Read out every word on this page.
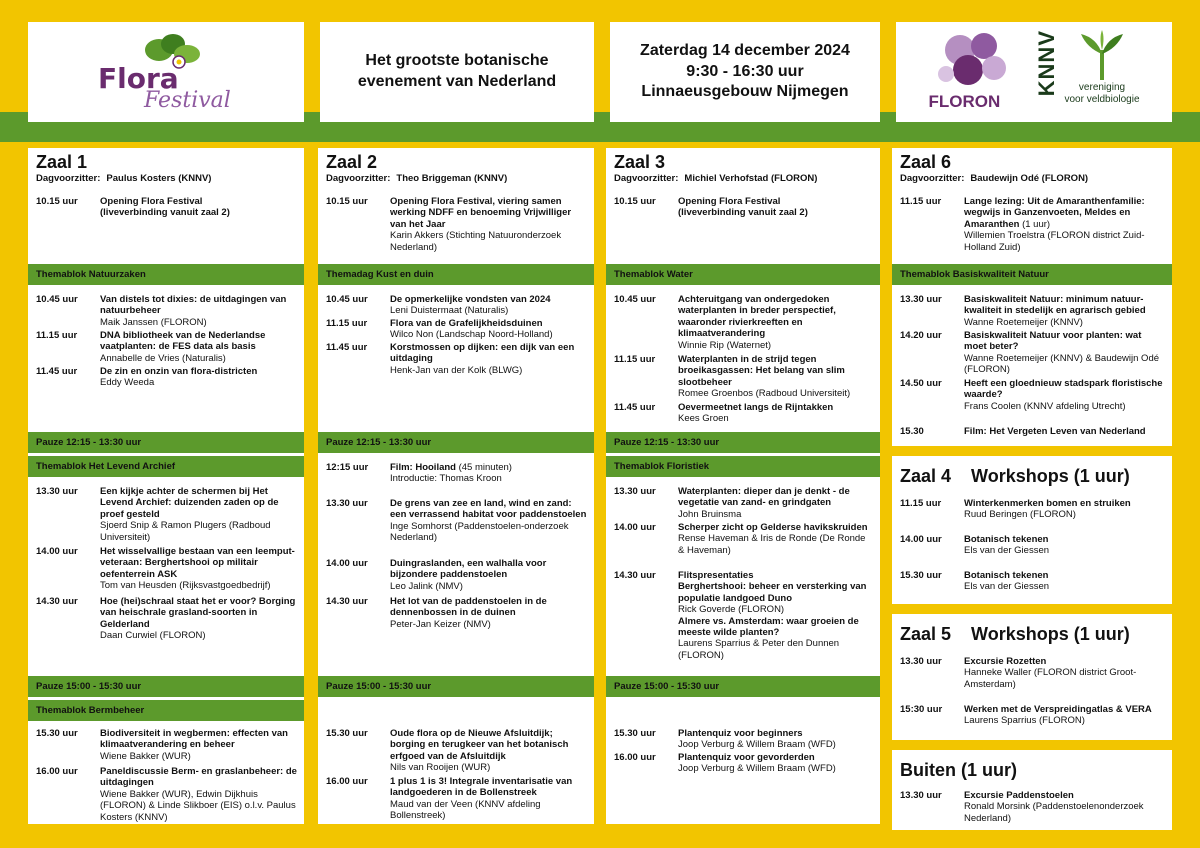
Flora
Festival
Het grootste botanische
evenement van Nederland
Zaterdag 14 december 2024
9:30 - 16:30 uur
Linnaeusgebouw Nijmegen
FLORON
KNNV vereniging
voor veldbiologie
Zaal 1
Dagvoorzitter: Paulus Kosters (KNNV)
10.15 uur	Opening Flora Festival
(liveverbinding vanuit zaal 2)
Themablok Natuurzaken
10.45 uur	Van distels tot dixies: de uitdagingen van natuurbeheer
Maik Janssen (FLORON)
11.15 uur	DNA bibliotheek van de Nederlandse vaatplanten: de FES data als basis
Annabelle de Vries (Naturalis)
11.45 uur	De zin en onzin van flora-districten
Eddy Weeda
Pauze 12:15 - 13:30 uur
Themablok Het Levend Archief
13.30 uur	Een kijkje achter de schermen bij Het Levend Archief: duizenden zaden op de proef gesteld
Sjoerd Snip & Ramon Plugers (Radboud Universiteit)
14.00 uur	Het wisselvallige bestaan van een leemput-veteraan: Berghertshooi op militair oefenterrein ASK
Tom van Heusden (Rijksvastgoedbedrijf)
14.30 uur	Hoe (hei)schraal staat het er voor? Borging van heischrale grasland-soorten in Gelderland
Daan Curwiel (FLORON)
Pauze 15:00 - 15:30 uur
Themablok Bermbeheer
15.30 uur	Biodiversiteit in wegbermen: effecten van klimaatverandering en beheer
Wiene Bakker (WUR)
16.00 uur	Paneldiscussie Berm- en graslanbeheer: de uitdagingen
Wiene Bakker (WUR), Edwin Dijkhuis (FLORON) & Linde Slikboer (EIS) o.l.v. Paulus Kosters (KNNV)
Zaal 2
Dagvoorzitter: Theo Briggeman (KNNV)
10.15 uur	Opening Flora Festival, viering samen werking NDFF en benoeming Vrijwilliger van het Jaar
Karin Akkers (Stichting Natuuronderzoek Nederland)
Themadag Kust en duin
10.45 uur	De opmerkelijke vondsten van 2024
Leni Duistermaat (Naturalis)
11.15 uur	Flora van de Grafelijkheidsduinen
Wilco Non (Landschap Noord-Holland)
11.45 uur	Korstmossen op dijken: een dijk van een uitdaging
Henk-Jan van der Kolk (BLWG)
Pauze 12:15 - 13:30 uur
12:15 uur	Film: Hooiland (45 minuten)
Introductie: Thomas Kroon
13.30 uur	De grens van zee en land, wind en zand: een verrassend habitat voor paddenstoelen
Inge Somhorst (Paddenstoelen-onderzoek Nederland)
14.00 uur	Duingraslanden, een walhalla voor bijzondere paddenstoelen
Leo Jalink (NMV)
14.30 uur	Het lot van de paddenstoelen in de dennenbossen in de duinen
Peter-Jan Keizer (NMV)
Pauze 15:00 - 15:30 uur
15.30 uur	Oude flora op de Nieuwe Afsluitdijk; borging en terugkeer van het botanisch erfgoed van de Afsluitdijk
Nils van Rooijen (WUR)
16.00 uur	1 plus 1 is 3! Integrale inventarisatie van landgoederen in de Bollenstreek
Maud van der Veen (KNNV afdeling Bollenstreek)
Zaal 3
Dagvoorzitter: Michiel Verhofstad (FLORON)
10.15 uur	Opening Flora Festival
(liveverbinding vanuit zaal 2)
Themablok Water
10.45 uur	Achteruitgang van ondergedoken waterplanten in breder perspectief, waaronder rivierkreeften en klimaatverandering
Winnie Rip (Waternet)
11.15 uur	Waterplanten in de strijd tegen broeikasgassen: Het belang van slim slootbeheer
Romee Groenbos (Radboud Universiteit)
11.45 uur	Oevermeetnet langs de Rijntakken
Kees Groen
Pauze 12:15 - 13:30 uur
Themablok Floristiek
13.30 uur	Waterplanten: dieper dan je denkt - de vegetatie van zand- en grindgaten
John Bruinsma
14.00 uur	Scherper zicht op Gelderse havikskruiden
Rense Haveman & Iris de Ronde (De Ronde & Haveman)
14.30 uur	Flitspresentaties
Berghertshooi: beheer en versterking van populatie landgoed Duno
Rick Goverde (FLORON)
Almere vs. Amsterdam: waar groeien de meeste wilde planten?
Laurens Sparrius & Peter den Dunnen (FLORON)
Pauze 15:00 - 15:30 uur
15.30 uur	Plantenquiz voor beginners
Joop Verburg & Willem Braam (WFD)
16.00 uur	Plantenquiz voor gevorderden
Joop Verburg & Willem Braam (WFD)
Zaal 6
Dagvoorzitter: Baudewijn Odé (FLORON)
11.15 uur	Lange lezing: Uit de Amaranthenfamilie: wegwijs in Ganzenvoeten, Meldes en Amaranthen (1 uur)
Willemien Troelstra (FLORON district Zuid-Holland Zuid)
Themablok Basiskwaliteit Natuur
13.30 uur	Basiskwaliteit Natuur: minimum natuur-kwaliteit in stedelijk en agrarisch gebied
Wanne Roetemeijer (KNNV)
14.20 uur	Basiskwaliteit Natuur voor planten: wat moet beter?
Wanne Roetemeijer (KNNV) & Baudewijn Odé (FLORON)
14.50 uur	Heeft een gloednieuw stadspark floristische waarde?
Frans Coolen (KNNV afdeling Utrecht)
15.30	Film: Het Vergeten Leven van Nederland
Zaal 4 Workshops (1 uur)
11.15 uur	Winterkenmerken bomen en struiken
Ruud Beringen (FLORON)
14.00 uur	Botanisch tekenen
Els van der Giessen
15.30 uur	Botanisch tekenen
Els van der Giessen
Zaal 5 Workshops (1 uur)
13.30 uur	Excursie Rozetten
Hanneke Waller (FLORON district Groot-Amsterdam)
15:30 uur	Werken met de Verspreidingatlas & VERA
Laurens Sparrius (FLORON)
Buiten (1 uur)
13.30 uur	Excursie Paddenstoelen
Ronald Morsink (Paddenstoelenonderzoek Nederland)
